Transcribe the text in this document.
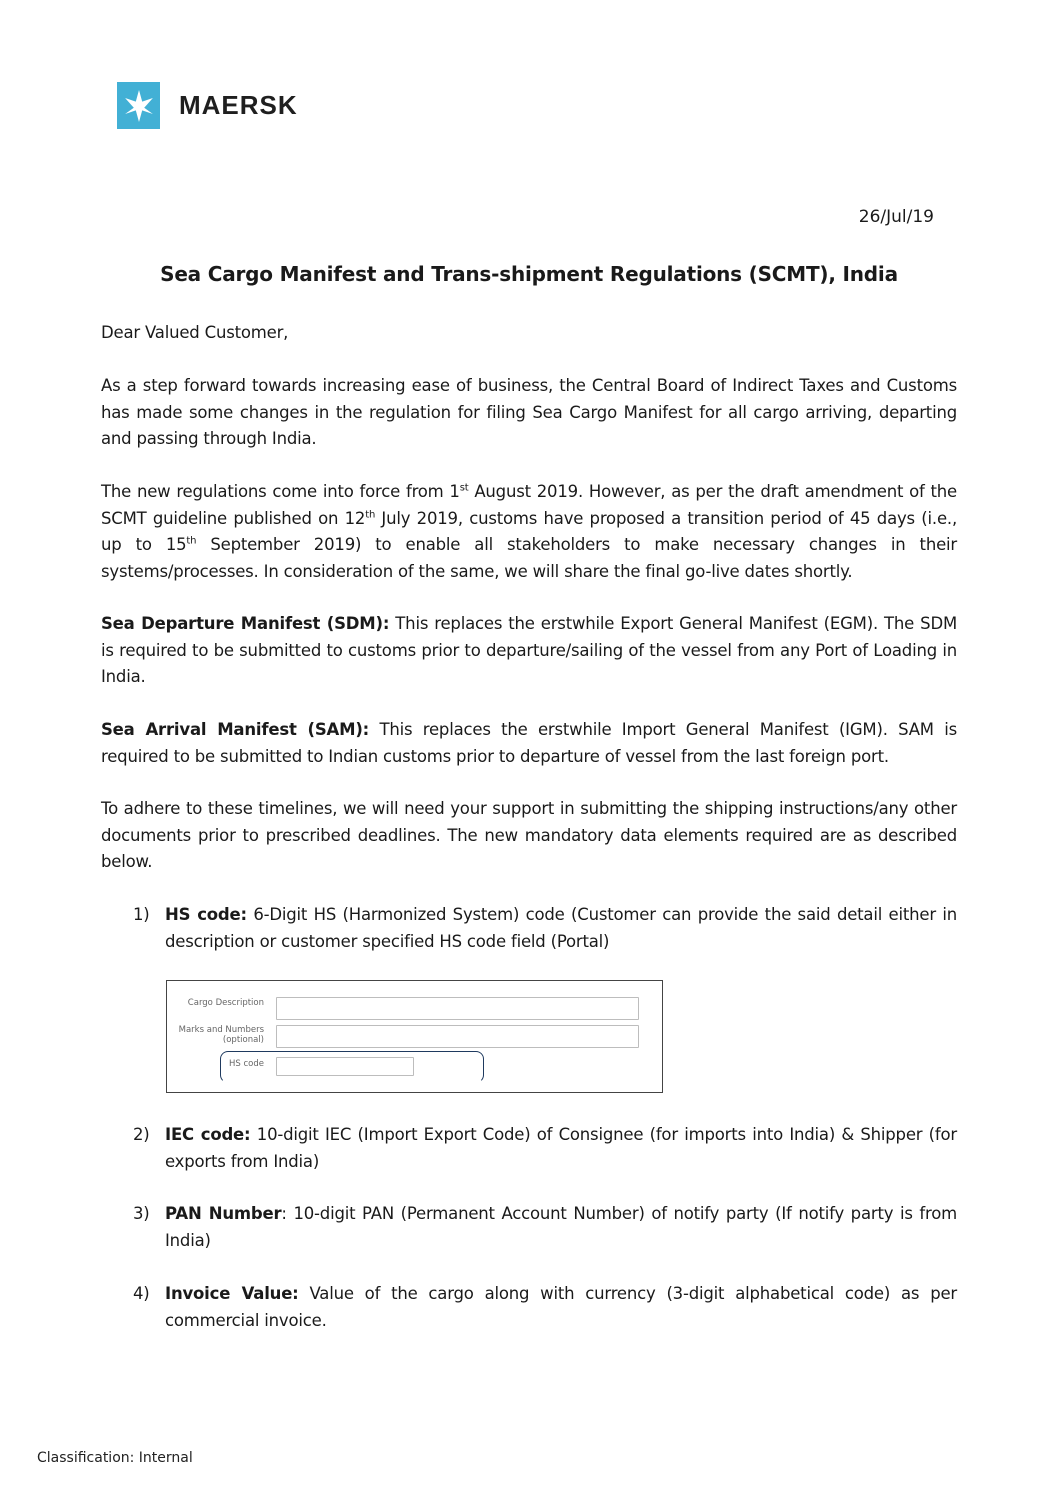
MAERSK
26/Jul/19
Sea Cargo Manifest and Trans-shipment Regulations (SCMT), India
Dear Valued Customer,
As a step forward towards increasing ease of business, the Central Board of Indirect Taxes and Customs has made some changes in the regulation for filing Sea Cargo Manifest for all cargo arriving, departing and passing through India.
The new regulations come into force from 1st August 2019. However, as per the draft amendment of the SCMT guideline published on 12th July 2019, customs have proposed a transition period of 45 days (i.e., up to 15th September 2019) to enable all stakeholders to make necessary changes in their systems/processes. In consideration of the same, we will share the final go-live dates shortly.
Sea Departure Manifest (SDM): This replaces the erstwhile Export General Manifest (EGM). The SDM is required to be submitted to customs prior to departure/sailing of the vessel from any Port of Loading in India.
Sea Arrival Manifest (SAM): This replaces the erstwhile Import General Manifest (IGM). SAM is required to be submitted to Indian customs prior to departure of vessel from the last foreign port.
To adhere to these timelines, we will need your support in submitting the shipping instructions/any other documents prior to prescribed deadlines. The new mandatory data elements required are as described below.
1) HS code: 6-Digit HS (Harmonized System) code (Customer can provide the said detail either in description or customer specified HS code field (Portal)
Cargo Description
Marks and Numbers
(optional)
HS code
2) IEC code: 10-digit IEC (Import Export Code) of Consignee (for imports into India) & Shipper (for exports from India)
3) PAN Number: 10-digit PAN (Permanent Account Number) of notify party (If notify party is from India)
4) Invoice Value: Value of the cargo along with currency (3-digit alphabetical code) as per commercial invoice.
Classification: Internal
